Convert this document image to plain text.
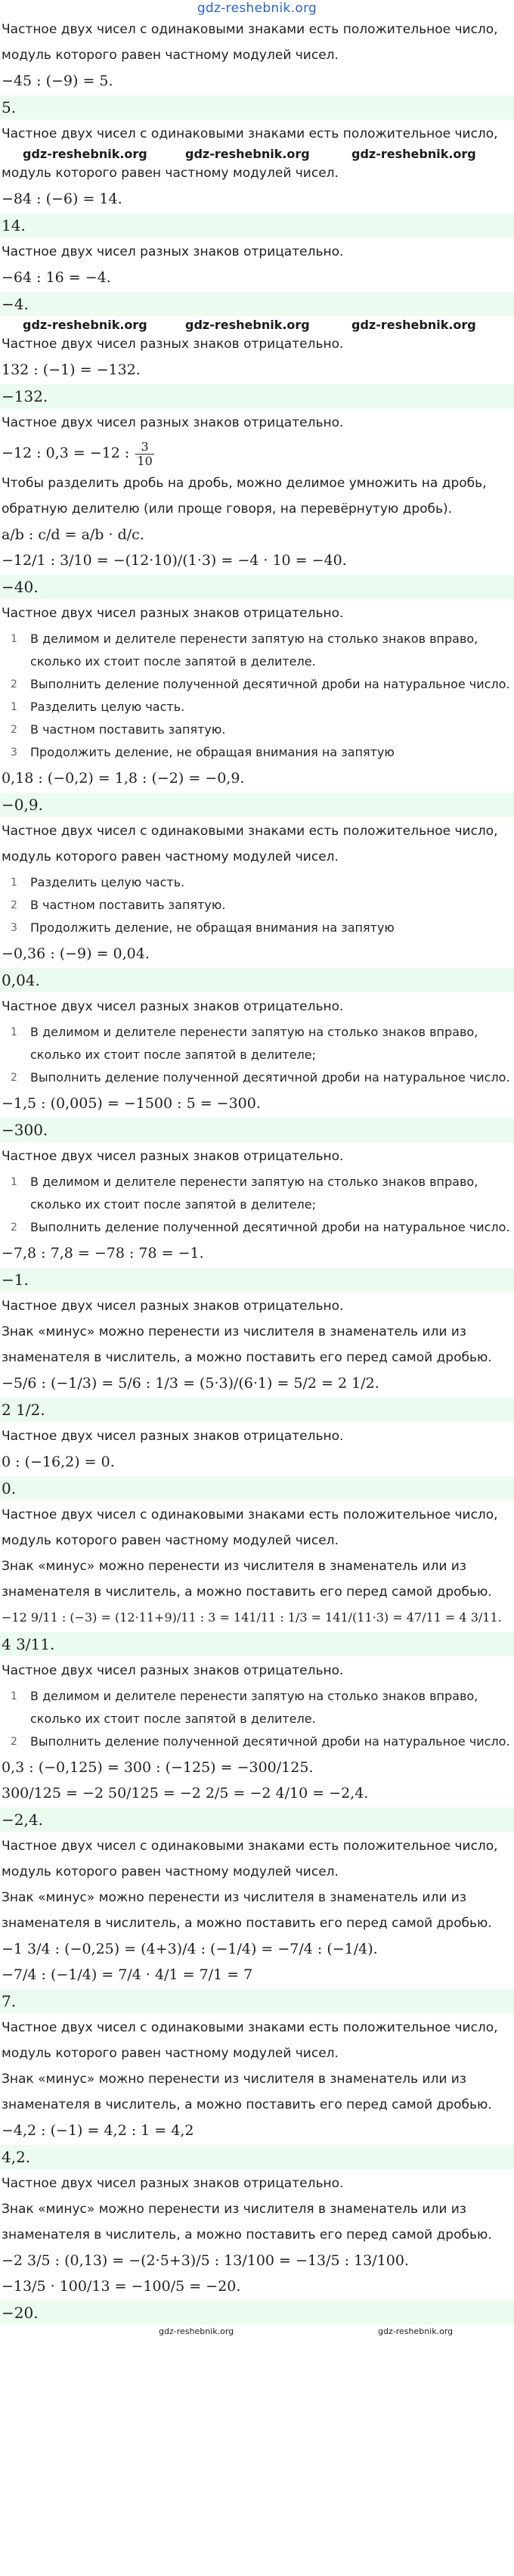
gdz-reshebnik.org
Частное двух чисел с одинаковыми знаками есть положительное число,
модуль которого равен частному модулей чисел.
−45 : (−9) = 5.
5.
Частное двух чисел с одинаковыми знаками есть положительное число,
gdz-reshebnik.org	gdz-reshebnik.org	gdz-reshebnik.org
модуль которого равен частному модулей чисел.
−84 : (−6) = 14.
14.
Частное двух чисел разных знаков отрицательно.
−64 : 16 = −4.
−4.
gdz-reshebnik.org	gdz-reshebnik.org	gdz-reshebnik.org
Частное двух чисел разных знаков отрицательно.
132 : (−1) = −132.
−132.
Частное двух чисел разных знаков отрицательно.
−12 : 0,3 = −12 : $\frac{3}{10}$
Чтобы разделить дробь на дробь, можно делимое умножить на дробь,
обратную делителю (или проще говоря, на перевёрнутую дробь).
a/b : c/d = a/b · d/c.
−12/1 : 3/10 = −(12·10)/(1·3) = −4 · 10 = −40.
−40.
Частное двух чисел разных знаков отрицательно.
1 В делимом и делителе перенести запятую на столько знаков вправо,
сколько их стоит после запятой в делителе.
2 Выполнить деление полученной десятичной дроби на натуральное число.
1 Разделить целую часть.
2 В частном поставить запятую.
3 Продолжить деление, не обращая внимания на запятую
0,18 : (−0,2) = 1,8 : (−2) = −0,9.
−0,9.
Частное двух чисел с одинаковыми знаками есть положительное число,
модуль которого равен частному модулей чисел.
1 Разделить целую часть.
2 В частном поставить запятую.
3 Продолжить деление, не обращая внимания на запятую
−0,36 : (−9) = 0,04.
0,04.
Частное двух чисел разных знаков отрицательно.
1 В делимом и делителе перенести запятую на столько знаков вправо,
сколько их стоит после запятой в делителе;
2 Выполнить деление полученной десятичной дроби на натуральное число.
−1,5 : (0,005) = −1500 : 5 = −300.
−300.
Частное двух чисел разных знаков отрицательно.
1 В делимом и делителе перенести запятую на столько знаков вправо,
сколько их стоит после запятой в делителе;
2 Выполнить деление полученной десятичной дроби на натуральное число.
−7,8 : 7,8 = −78 : 78 = −1.
−1.
Частное двух чисел разных знаков отрицательно.
Знак «минус» можно перенести из числителя в знаменатель или из
знаменателя в числитель, а можно поставить его перед самой дробью.
−5/6 : (−1/3) = 5/6 : 1/3 = (5·3)/(6·1) = 5/2 = 2 1/2.
2 1/2.
Частное двух чисел разных знаков отрицательно.
0 : (−16,2) = 0.
0.
Частное двух чисел с одинаковыми знаками есть положительное число,
модуль которого равен частному модулей чисел.
Знак «минус» можно перенести из числителя в знаменатель или из
знаменателя в числитель, а можно поставить его перед самой дробью.
−12 9/11 : (−3) = (12·11+9)/11 : 3 = 141/11 : 1/3 = 141/(11·3) = 47/11 = 4 3/11.
4 3/11.
Частное двух чисел разных знаков отрицательно.
1 В делимом и делителе перенести запятую на столько знаков вправо,
сколько их стоит после запятой в делителе.
2 Выполнить деление полученной десятичной дроби на натуральное число.
0,3 : (−0,125) = 300 : (−125) = −300/125.
300/125 = −2 50/125 = −2 2/5 = −2 4/10 = −2,4.
−2,4.
Частное двух чисел с одинаковыми знаками есть положительное число,
модуль которого равен частному модулей чисел.
Знак «минус» можно перенести из числителя в знаменатель или из
знаменателя в числитель, а можно поставить его перед самой дробью.
−1 3/4 : (−0,25) = (4+3)/4 : (−1/4) = −7/4 : (−1/4).
−7/4 : (−1/4) = 7/4 · 4/1 = 7/1 = 7
7.
Частное двух чисел с одинаковыми знаками есть положительное число,
модуль которого равен частному модулей чисел.
Знак «минус» можно перенести из числителя в знаменатель или из
знаменателя в числитель, а можно поставить его перед самой дробью.
−4,2 : (−1) = 4,2 : 1 = 4,2
4,2.
Частное двух чисел разных знаков отрицательно.
Знак «минус» можно перенести из числителя в знаменатель или из
знаменателя в числитель, а можно поставить его перед самой дробью.
−2 3/5 : (0,13) = −(2·5+3)/5 : 13/100 = −13/5 : 13/100.
−13/5 · 100/13 = −100/5 = −20.
−20.
gdz-reshebnik.org	gdz-reshebnik.org
